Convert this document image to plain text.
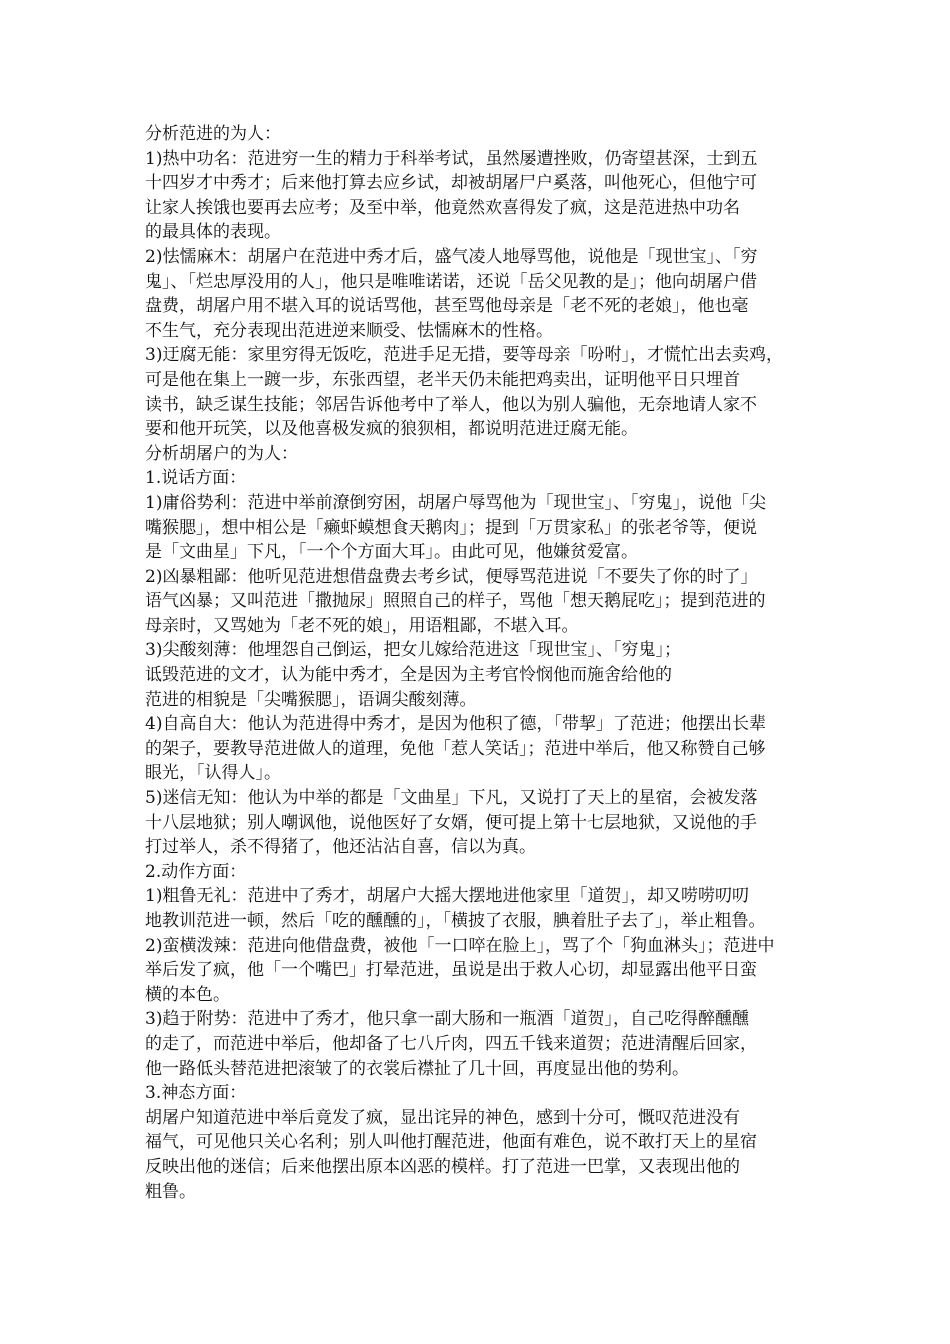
分析范进的为人：
1)热中功名：范进穷一生的精力于科举考试，虽然屡遭挫败，仍寄望甚深，士到五
十四岁才中秀才；后来他打算去应乡试，却被胡屠尸户奚落，叫他死心，但他宁可
让家人挨饿也要再去应考；及至中举，他竟然欢喜得发了疯，这是范进热中功名
的最具体的表现。
2)怯懦麻木：胡屠户在范进中秀才后，盛气凌人地辱骂他，说他是「现世宝」、「穷
鬼」、「烂忠厚没用的人」，他只是唯唯诺诺，还说「岳父见教的是」；他向胡屠户借
盘费，胡屠户用不堪入耳的说话骂他，甚至骂他母亲是「老不死的老娘」，他也毫
不生气，充分表现出范进逆来顺受、怯懦麻木的性格。
3)迂腐无能：家里穷得无饭吃，范进手足无措，要等母亲「吩咐」，才慌忙出去卖鸡，
可是他在集上一踱一步，东张西望，老半天仍未能把鸡卖出，证明他平日只埋首
读书，缺乏谋生技能；邻居告诉他考中了举人，他以为别人骗他，无奈地请人家不
要和他开玩笑，以及他喜极发疯的狼狈相，都说明范进迂腐无能。
分析胡屠户的为人：
1.说话方面：
1)庸俗势利：范进中举前潦倒穷困，胡屠户辱骂他为「现世宝」、「穷鬼」，说他「尖
嘴猴腮」，想中相公是「癞虾蟆想食天鹅肉」；提到「万贯家私」的张老爷等，便说
是「文曲星」下凡，「一个个方面大耳」。由此可见，他嫌贫爱富。
2)凶暴粗鄙：他听见范进想借盘费去考乡试，便辱骂范进说「不要失了你的时了」
语气凶暴；又叫范进「撒抛尿」照照自己的样子，骂他「想天鹅屁吃」；提到范进的
母亲时，又骂她为「老不死的娘」，用语粗鄙，不堪入耳。
3)尖酸刻薄：他埋怨自己倒运，把女儿嫁给范进这「现世宝」、「穷鬼」；
诋毁范进的文才，认为能中秀才，全是因为主考官怜悯他而施舍给他的
范进的相貌是「尖嘴猴腮」，语调尖酸刻薄。
4)自高自大：他认为范进得中秀才，是因为他积了德，「带挈」了范进；他摆出长辈
的架子，要教导范进做人的道理，免他「惹人笑话」；范进中举后，他又称赞自己够
眼光，「认得人」。
5)迷信无知：他认为中举的都是「文曲星」下凡，又说打了天上的星宿，会被发落
十八层地狱；别人嘲讽他，说他医好了女婿，便可提上第十七层地狱，又说他的手
打过举人，杀不得猪了，他还沾沾自喜，信以为真。
2.动作方面：
1)粗鲁无礼：范进中了秀才，胡屠户大摇大摆地进他家里「道贺」，却又唠唠叨叨
地教训范进一顿，然后「吃的醺醺的」，「横披了衣服，腆着肚子去了」，举止粗鲁。
2)蛮横泼辣：范进向他借盘费，被他「一口啐在脸上」，骂了个「狗血淋头」；范进中
举后发了疯，他「一个嘴巴」打晕范进，虽说是出于救人心切，却显露出他平日蛮
横的本色。
3)趋于附势：范进中了秀才，他只拿一副大肠和一瓶酒「道贺」，自己吃得醉醺醺
的走了，而范进中举后，他却备了七八斤肉，四五千钱来道贺；范进清醒后回家，
他一路低头替范进把滚皱了的衣裳后襟扯了几十回，再度显出他的势利。
3.神态方面：
胡屠户知道范进中举后竟发了疯，显出诧异的神色，感到十分可，慨叹范进没有
福气，可见他只关心名利；别人叫他打醒范进，他面有难色，说不敢打天上的星宿
反映出他的迷信；后来他摆出原本凶恶的模样。打了范进一巴掌，又表现出他的
粗鲁。
